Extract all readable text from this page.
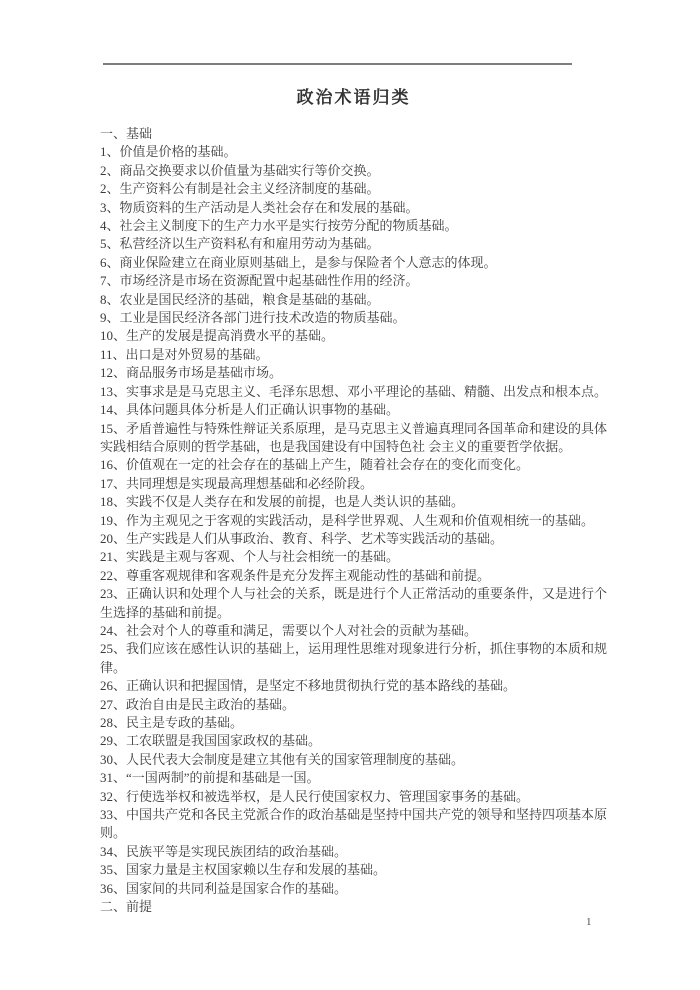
政治术语归类

一、基础

1、价值是价格的基础。

2、商品交换要求以价值量为基础实行等价交换。

2、生产资料公有制是社会主义经济制度的基础。

3、物质资料的生产活动是人类社会存在和发展的基础。

4、社会主义制度下的生产力水平是实行按劳分配的物质基础。

5、私营经济以生产资料私有和雇用劳动为基础。

6、商业保险建立在商业原则基础上，是参与保险者个人意志的体现。

7、市场经济是市场在资源配置中起基础性作用的经济。

8、农业是国民经济的基础，粮食是基础的基础。

9、工业是国民经济各部门进行技术改造的物质基础。

10、生产的发展是提高消费水平的基础。

11、出口是对外贸易的基础。

12、商品服务市场是基础市场。

13、实事求是是马克思主义、毛泽东思想、邓小平理论的基础、精髓、出发点和根本点。

14、具体问题具体分析是人们正确认识事物的基础。

15、矛盾普遍性与特殊性辩证关系原理，是马克思主义普遍真理同各国革命和建设的具体实践相结合原则的哲学基础，也是我国建设有中国特色社 会主义的重要哲学依据。

16、价值观在一定的社会存在的基础上产生，随着社会存在的变化而变化。

17、共同理想是实现最高理想基础和必经阶段。

18、实践不仅是人类存在和发展的前提，也是人类认识的基础。

19、作为主观见之于客观的实践活动，是科学世界观、人生观和价值观相统一的基础。

20、生产实践是人们从事政治、教育、科学、艺术等实践活动的基础。

21、实践是主观与客观、个人与社会相统一的基础。

22、尊重客观规律和客观条件是充分发挥主观能动性的基础和前提。

23、正确认识和处理个人与社会的关系，既是进行个人正常活动的重要条件，又是进行个生选择的基础和前提。

24、社会对个人的尊重和满足，需要以个人对社会的贡献为基础。

25、我们应该在感性认识的基础上，运用理性思维对现象进行分析，抓住事物的本质和规律。

26、正确认识和把握国情，是坚定不移地贯彻执行党的基本路线的基础。

27、政治自由是民主政治的基础。

28、民主是专政的基础。

29、工农联盟是我国国家政权的基础。

30、人民代表大会制度是建立其他有关的国家管理制度的基础。

31、“一国两制”的前提和基础是一国。

32、行使选举权和被选举权，是人民行使国家权力、管理国家事务的基础。

33、中国共产党和各民主党派合作的政治基础是坚持中国共产党的领导和坚持四项基本原则。

34、民族平等是实现民族团结的政治基础。

35、国家力量是主权国家赖以生存和发展的基础。

36、国家间的共同利益是国家合作的基础。

二、前提

1
